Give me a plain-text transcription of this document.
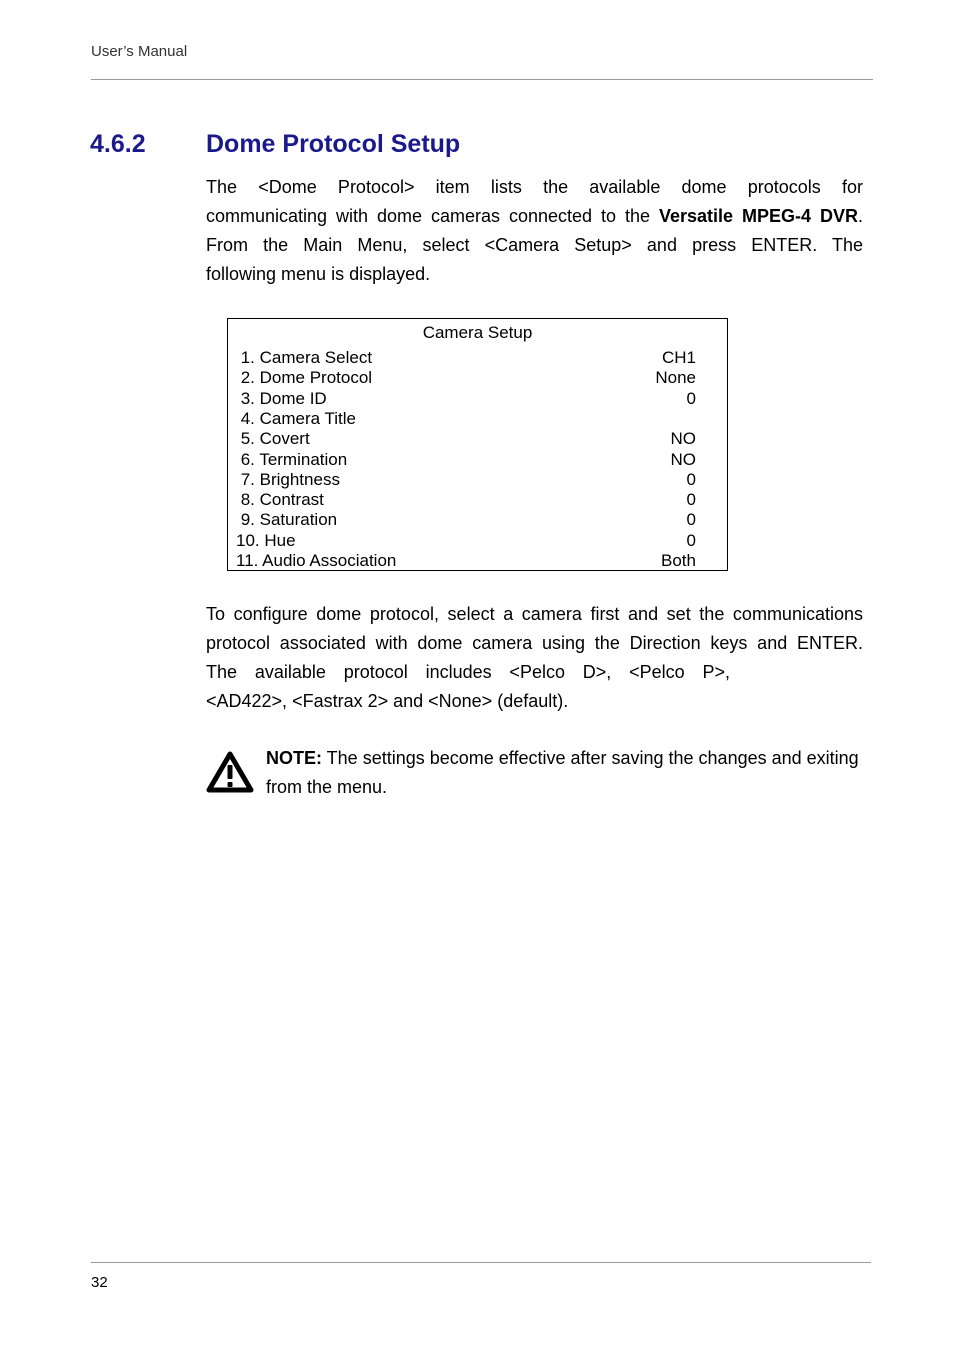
User’s Manual
4.6.2 Dome Protocol Setup
The <Dome Protocol> item lists the available dome protocols for
communicating with dome cameras connected to the Versatile MPEG-4 DVR.
From the Main Menu, select <Camera Setup> and press ENTER. The
following menu is displayed.
Camera Setup
1. Camera Select	CH1
2. Dome Protocol	None
3. Dome ID	0
4. Camera Title
5. Covert	NO
6. Termination	NO
7. Brightness	0
8. Contrast	0
9. Saturation	0
10. Hue	0
11. Audio Association	Both
To configure dome protocol, select a camera first and set the communications
protocol associated with dome camera using the Direction keys and ENTER.
The available protocol includes <Pelco D>, <Pelco P>,
<AD422>, <Fastrax 2> and <None> (default).
NOTE: The settings become effective after saving the changes and exiting from the menu.
32
